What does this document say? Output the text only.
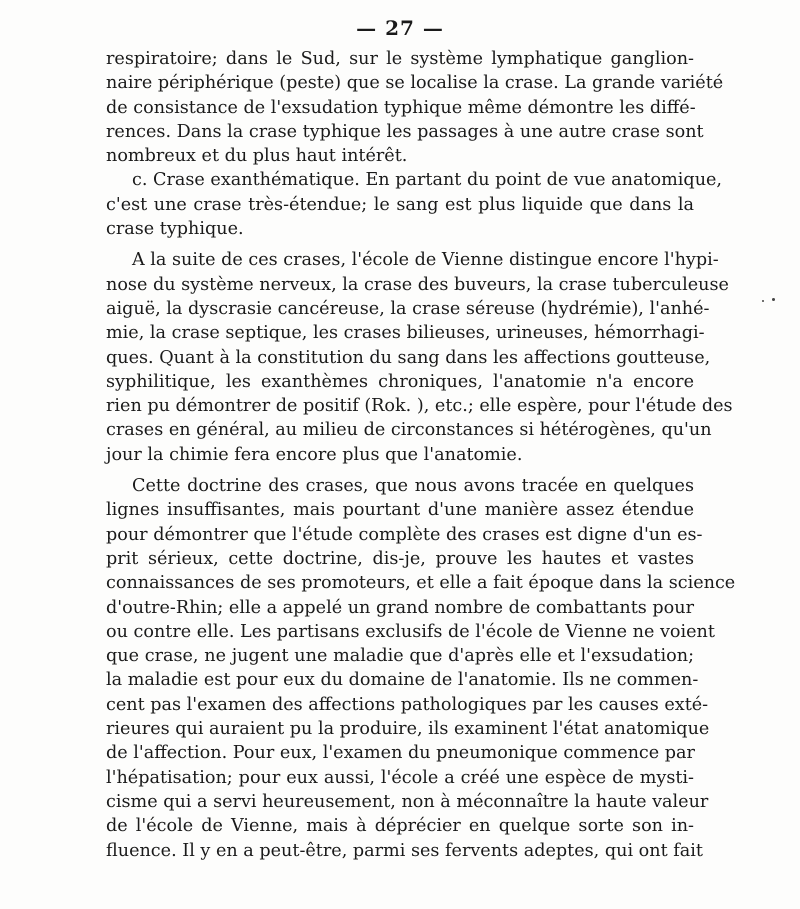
— 27 —
respiratoire; dans le Sud, sur le système lymphatique ganglion-
naire périphérique (peste) que se localise la crase. La grande variété
de consistance de l'exsudation typhique même démontre les diffé-
rences. Dans la crase typhique les passages à une autre crase sont
nombreux et du plus haut intérêt.
c. Crase exanthématique. En partant du point de vue anatomique,
c'est une crase très-étendue; le sang est plus liquide que dans la
crase typhique.
A la suite de ces crases, l'école de Vienne distingue encore l'hypi-
nose du système nerveux, la crase des buveurs, la crase tuberculeuse
aiguë, la dyscrasie cancéreuse, la crase séreuse (hydrémie), l'anhé-
mie, la crase septique, les crases bilieuses, urineuses, hémorrhagi-
ques. Quant à la constitution du sang dans les affections goutteuse,
syphilitique, les exanthèmes chroniques, l'anatomie n'a encore
rien pu démontrer de positif (Rok. ), etc.; elle espère, pour l'étude des
crases en général, au milieu de circonstances si hétérogènes, qu'un
jour la chimie fera encore plus que l'anatomie.
Cette doctrine des crases, que nous avons tracée en quelques
lignes insuffisantes, mais pourtant d'une manière assez étendue
pour démontrer que l'étude complète des crases est digne d'un es-
prit sérieux, cette doctrine, dis-je, prouve les hautes et vastes
connaissances de ses promoteurs, et elle a fait époque dans la science
d'outre-Rhin; elle a appelé un grand nombre de combattants pour
ou contre elle. Les partisans exclusifs de l'école de Vienne ne voient
que crase, ne jugent une maladie que d'après elle et l'exsudation;
la maladie est pour eux du domaine de l'anatomie. Ils ne commen-
cent pas l'examen des affections pathologiques par les causes exté-
rieures qui auraient pu la produire, ils examinent l'état anatomique
de l'affection. Pour eux, l'examen du pneumonique commence par
l'hépatisation; pour eux aussi, l'école a créé une espèce de mysti-
cisme qui a servi heureusement, non à méconnaître la haute valeur
de l'école de Vienne, mais à déprécier en quelque sorte son in-
fluence. Il y en a peut-être, parmi ses fervents adeptes, qui ont fait
